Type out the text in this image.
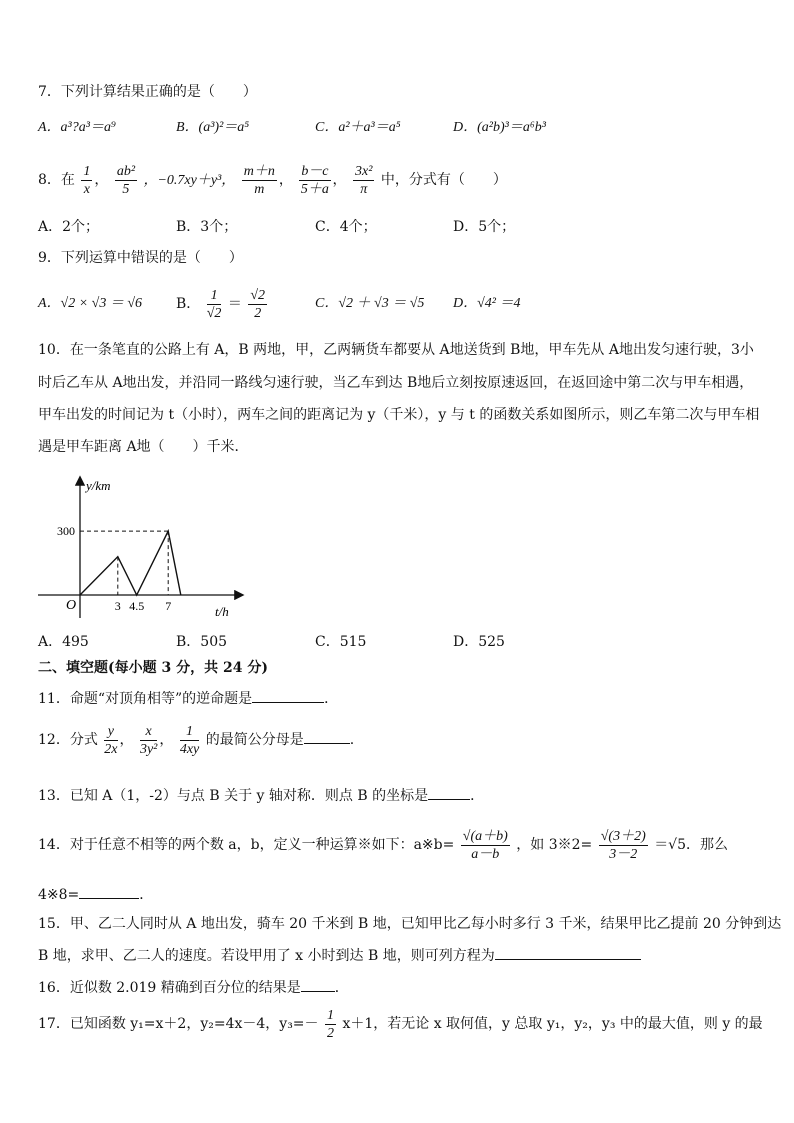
7．下列计算结果正确的是（　　）
A．a³?a³＝a⁹	B．(a³)²＝a⁵	C．a²＋a³＝a⁵	D．(a²b)³＝a⁶b³
8．在 $\frac{1}{x}$ ， $\frac{\text{ab²}}{5}$ ，−0.7xy＋y³， $\frac{m+n}{m}$ ， $\frac{b-c}{5+a}$ ， $\frac{\text{3x²}}{\pi}$ 中，分式有（　　）
A．2个；	B．3个；	C．4个；	D．5个；
9．下列运算中错误的是（　　）
A．√2 × √3 ＝ √6 B． $\frac{1}{√2} = \frac{√2}{2}$	C．√2 ＋ √3 ＝ √5 D．√4² ＝4
10．在一条笔直的公路上有 A，B 两地，甲，乙两辆货车都要从 A地送货到 B地，甲车先从 A地出发匀速行驶，3小
时后乙车从 A地出发，并沿同一路线匀速行驶，当乙车到达 B地后立刻按原速返回，在返回途中第二次与甲车相遇，
甲车出发的时间记为 t（小时），两车之间的距离记为 y（千米），y 与 t 的函数关系如图所示，则乙车第二次与甲车相
遇是甲车距离 A地（　　）千米．
3 4.5 7
300
y/km
t/h
O
A．495	B．505	C．515	D．525
二、填空题(每小题 3 分，共 24 分)
11．命题“对顶角相等”的逆命题是	．
12．分式 $\frac{y}{2x}$ ， $\frac{x}{\text{3y²}}$ ， $\frac{1}{4xy}$ 的最简公分母是	.
13．已知 A（1，-2）与点 B 关于 y 轴对称．则点 B 的坐标是	．
14．对于任意不相等的两个数 a，b，定义一种运算※如下：a※b= $\frac{√(a+b)}{a-b}$ ，如 3※2= $\frac{√(3+2)}{3-2} =√5$．那么
4※8=	．
15．甲、乙二人同时从 A 地出发，骑车 20 千米到 B 地，已知甲比乙每小时多行 3 千米，结果甲比乙提前 20 分钟到达
B 地，求甲、乙二人的速度。若设甲用了 x 小时到达 B 地，则可列方程为
16．近似数 2.019 精确到百分位的结果是 ．
17．已知函数 y₁=x＋2，y₂=4x－4，$y_3=- \frac{1}{2} x+1$，若无论 x 取何值，y 总取 y₁，y₂，y₃ 中的最大值，则 y 的最
